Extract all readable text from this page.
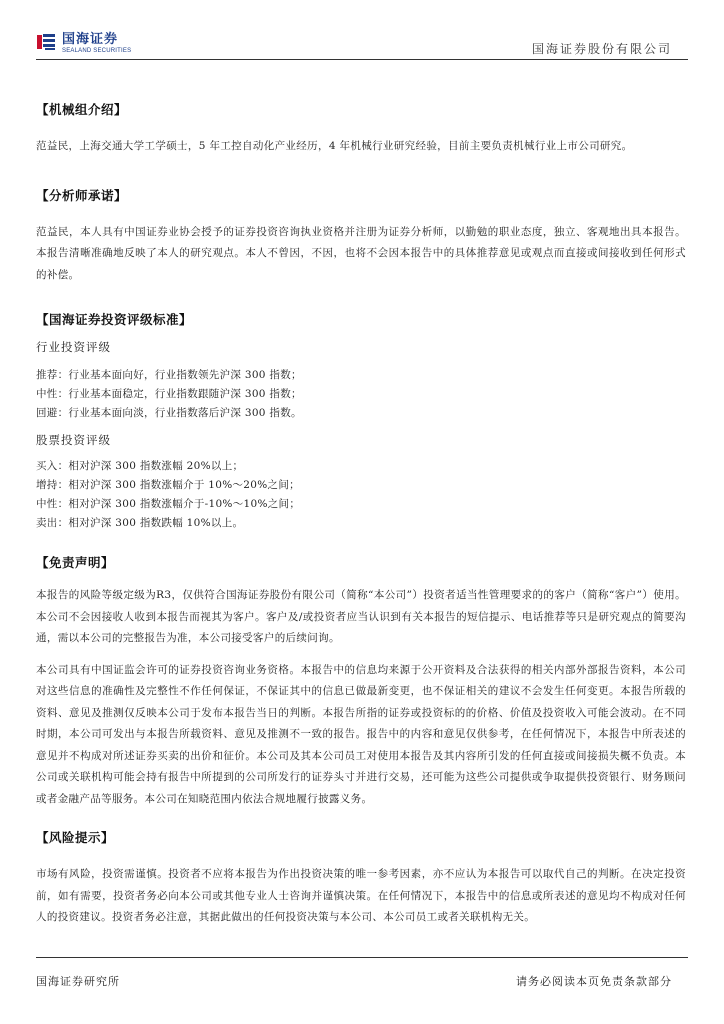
国海证券
SEALAND SECURITIES	国海证券股份有限公司

【机械组介绍】

范益民，上海交通大学工学硕士，5 年工控自动化产业经历，4 年机械行业研究经验，目前主要负责机械行业上市公司研究。

【分析师承诺】

范益民，本人具有中国证券业协会授予的证券投资咨询执业资格并注册为证券分析师，以勤勉的职业态度，独立、客观地出具本报告。本报告清晰准确地反映了本人的研究观点。本人不曾因，不因，也将不会因本报告中的具体推荐意见或观点而直接或间接收到任何形式的补偿。

【国海证券投资评级标准】

行业投资评级

推荐：行业基本面向好，行业指数领先沪深 300 指数；

中性：行业基本面稳定，行业指数跟随沪深 300 指数；

回避：行业基本面向淡，行业指数落后沪深 300 指数。

股票投资评级

买入：相对沪深 300 指数涨幅 20%以上；

增持：相对沪深 300 指数涨幅介于 10%～20%之间；

中性：相对沪深 300 指数涨幅介于-10%～10%之间；

卖出：相对沪深 300 指数跌幅 10%以上。

【免责声明】

本报告的风险等级定级为R3，仅供符合国海证券股份有限公司（简称“本公司”）投资者适当性管理要求的的客户（简称“客户”）使用。本公司不会因接收人收到本报告而视其为客户。客户及/或投资者应当认识到有关本报告的短信提示、电话推荐等只是研究观点的简要沟通，需以本公司的完整报告为准，本公司接受客户的后续问询。

本公司具有中国证监会许可的证券投资咨询业务资格。本报告中的信息均来源于公开资料及合法获得的相关内部外部报告资料，本公司对这些信息的准确性及完整性不作任何保证，不保证其中的信息已做最新变更，也不保证相关的建议不会发生任何变更。本报告所载的资料、意见及推测仅反映本公司于发布本报告当日的判断。本报告所指的证券或投资标的的价格、价值及投资收入可能会波动。在不同时期，本公司可发出与本报告所载资料、意见及推测不一致的报告。报告中的内容和意见仅供参考，在任何情况下，本报告中所表述的意见并不构成对所述证券买卖的出价和征价。本公司及其本公司员工对使用本报告及其内容所引发的任何直接或间接损失概不负责。本公司或关联机构可能会持有报告中所提到的公司所发行的证券头寸并进行交易，还可能为这些公司提供或争取提供投资银行、财务顾问或者金融产品等服务。本公司在知晓范围内依法合规地履行披露义务。

【风险提示】

市场有风险，投资需谨慎。投资者不应将本报告为作出投资决策的唯一参考因素，亦不应认为本报告可以取代自己的判断。在决定投资前，如有需要，投资者务必向本公司或其他专业人士咨询并谨慎决策。在任何情况下，本报告中的信息或所表述的意见均不构成对任何人的投资建议。投资者务必注意，其据此做出的任何投资决策与本公司、本公司员工或者关联机构无关。

国海证券研究所	请务必阅读本页免责条款部分
